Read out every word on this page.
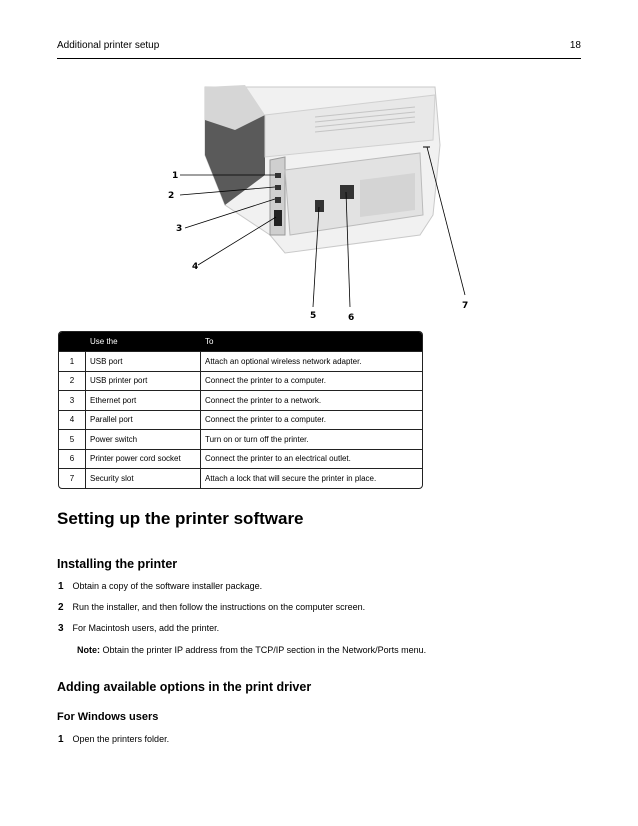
Additional printer setup	18
1
2
3
4
5	6
7
	Use the	To
1	USB port	Attach an optional wireless network adapter.
2	USB printer port	Connect the printer to a computer.
3	Ethernet port	Connect the printer to a network.
4	Parallel port	Connect the printer to a computer.
5	Power switch	Turn on or turn off the printer.
6	Printer power cord socket	Connect the printer to an electrical outlet.
7	Security slot	Attach a lock that will secure the printer in place.
Setting up the printer software
Installing the printer
1 Obtain a copy of the software installer package.
2 Run the installer, and then follow the instructions on the computer screen.
3 For Macintosh users, add the printer.
Note: Obtain the printer IP address from the TCP/IP section in the Network/Ports menu.
Adding available options in the print driver
For Windows users
1 Open the printers folder.
